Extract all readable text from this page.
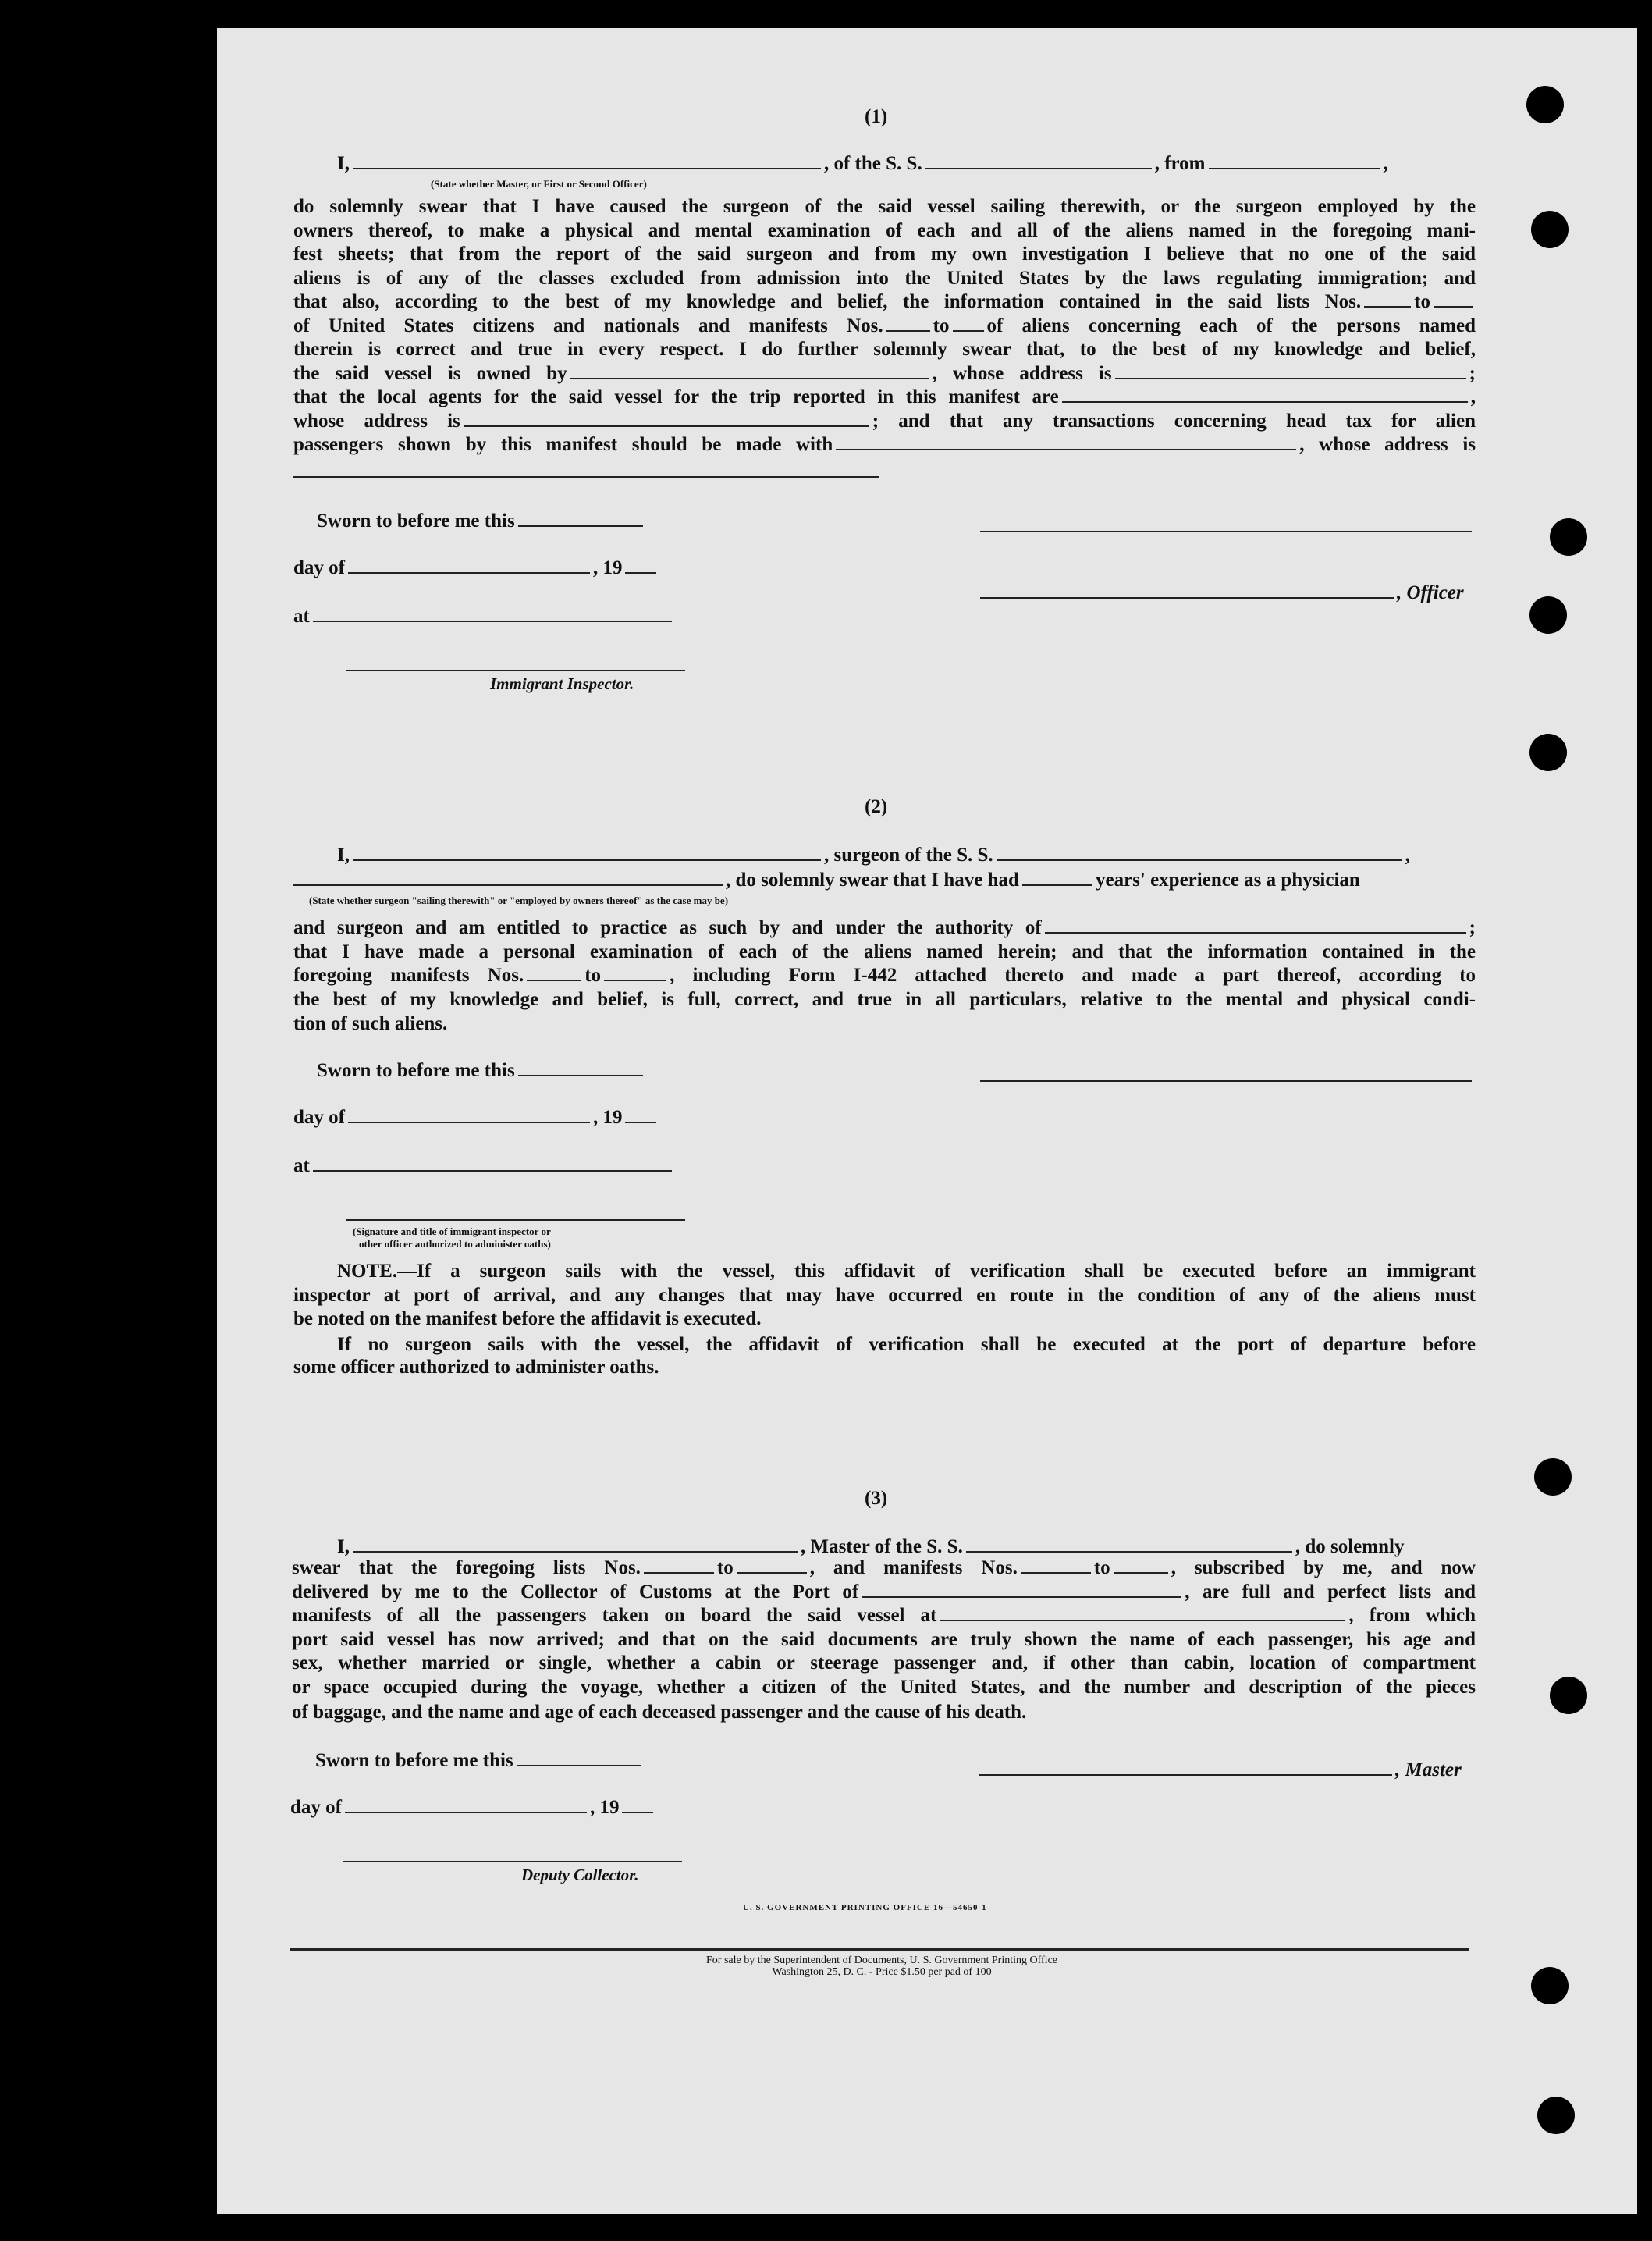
(1)
I,	, of the S. S.	, from	,
(State whether Master, or First or Second Officer)
do solemnly swear that I have caused the surgeon of the said vessel sailing therewith, or the surgeon employed by the
owners thereof, to make a physical and mental examination of each and all of the aliens named in the foregoing mani-
fest sheets; that from the report of the said surgeon and from my own investigation I believe that no one of the said
aliens is of any of the classes excluded from admission into the United States by the laws regulating immigration; and
that also, according to the best of my knowledge and belief, the information contained in the said lists Nos.	to
of United States citizens and nationals and manifests Nos.	to of aliens concerning each of the persons named
therein is correct and true in every respect. I do further solemnly swear that, to the best of my knowledge and belief,
the said vessel is owned by	, whose address is	;
that the local agents for the said vessel for the trip reported in this manifest are	,
whose address is	; and that any transactions concerning head tax for alien
passengers shown by this manifest should be made with	, whose address is
Sworn to before me this
day of	, 19
at
, Officer
Immigrant Inspector.
(2)
I,	, surgeon of the S. S.	,
, do solemnly swear that I have had	years' experience as a physician
(State whether surgeon "sailing therewith" or "employed by owners thereof" as the case may be)
and surgeon and am entitled to practice as such by and under the authority of	;
that I have made a personal examination of each of the aliens named herein; and that the information contained in the
foregoing manifests Nos.	to	, including Form I-442 attached thereto and made a part thereof, according to
the best of my knowledge and belief, is full, correct, and true in all particulars, relative to the mental and physical condi-
tion of such aliens.
Sworn to before me this
day of	, 19
at
(Signature and title of immigrant inspector or
other officer authorized to administer oaths)
NOTE.—If a surgeon sails with the vessel, this affidavit of verification shall be executed before an immigrant
inspector at port of arrival, and any changes that may have occurred en route in the condition of any of the aliens must
be noted on the manifest before the affidavit is executed.
If no surgeon sails with the vessel, the affidavit of verification shall be executed at the port of departure before
some officer authorized to administer oaths.
(3)
I,	, Master of the S. S.	, do solemnly
swear that the foregoing lists Nos.	to	, and manifests Nos.	to	, subscribed by me, and now
delivered by me to the Collector of Customs at the Port of	, are full and perfect lists and
manifests of all the passengers taken on board the said vessel at	, from which
port said vessel has now arrived; and that on the said documents are truly shown the name of each passenger, his age and
sex, whether married or single, whether a cabin or steerage passenger and, if other than cabin, location of compartment
or space occupied during the voyage, whether a citizen of the United States, and the number and description of the pieces
of baggage, and the name and age of each deceased passenger and the cause of his death.
Sworn to before me this
day of	, 19
, Master
Deputy Collector.
U. S. GOVERNMENT PRINTING OFFICE 16—54650-1
For sale by the Superintendent of Documents, U. S. Government Printing Office
Washington 25, D. C. - Price $1.50 per pad of 100
